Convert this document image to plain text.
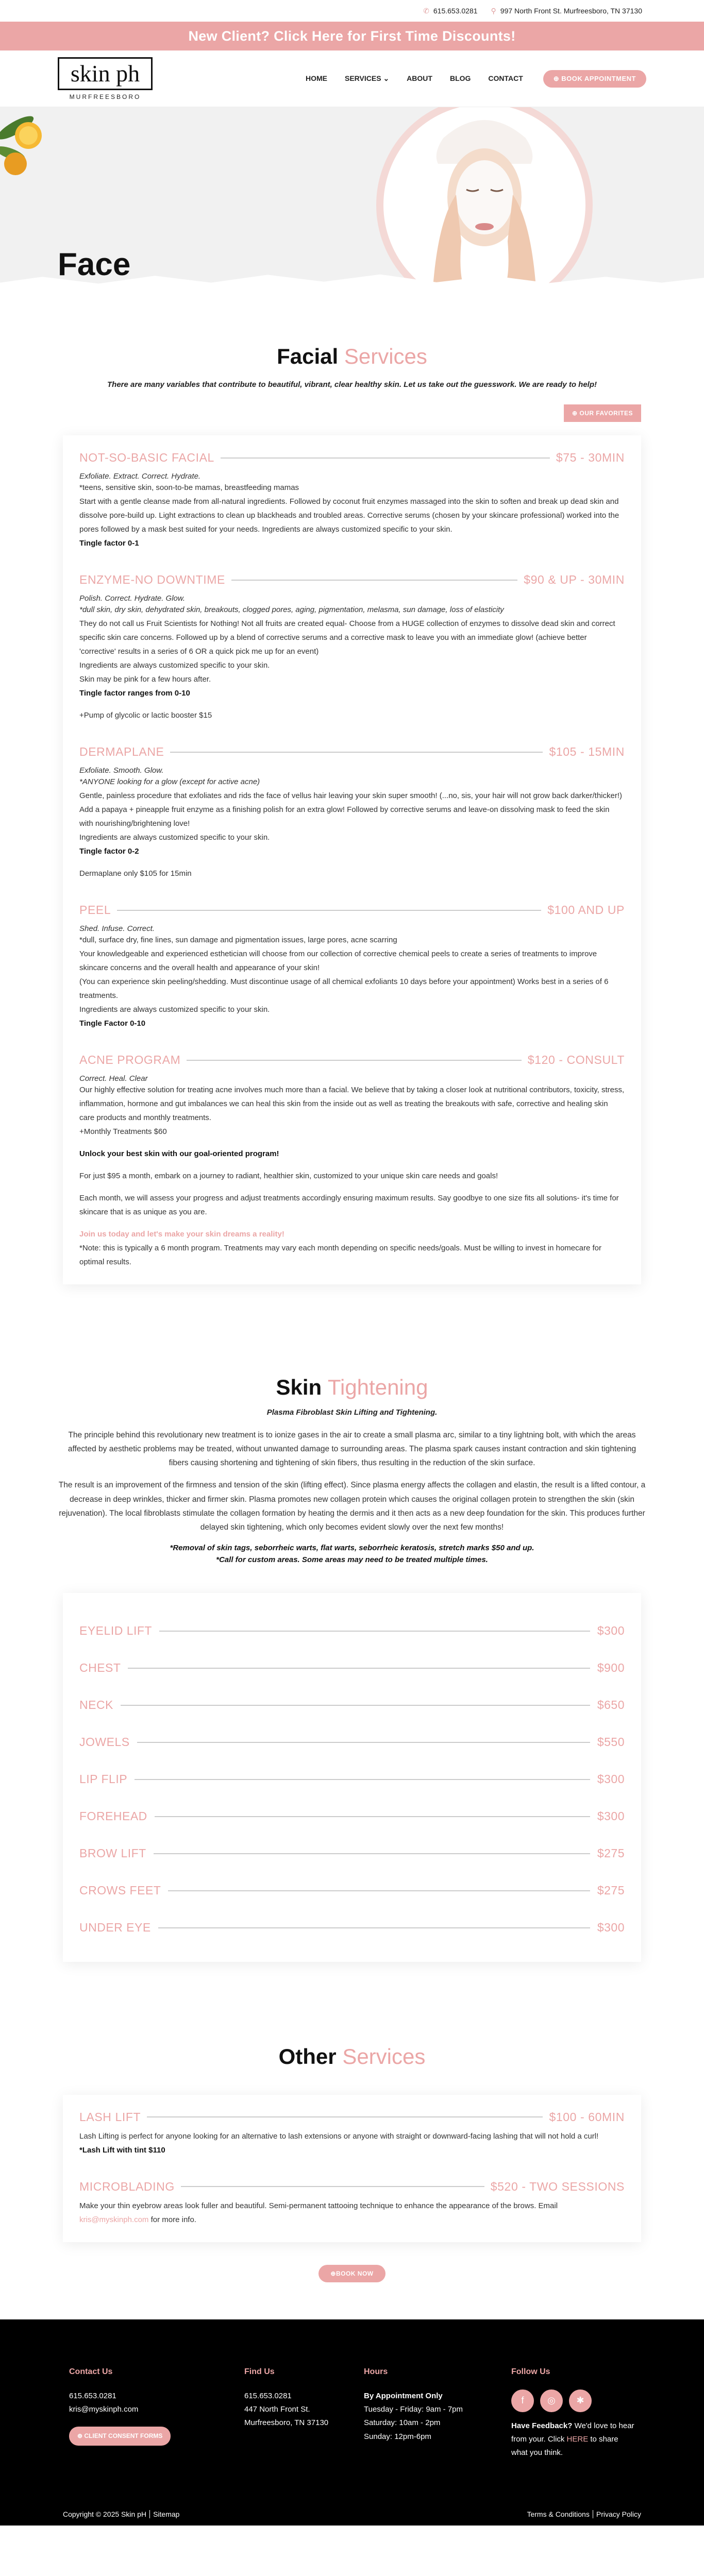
✆ 615.653.0281 ⚲ 997 North Front St. Murfreesboro, TN 37130
New Client? Click Here for First Time Discounts!
skin ph
MURFREESBORO
HOME SERVICES ⌄ ABOUT BLOG CONTACT	⊕ BOOK APPOINTMENT
Face
Facial Services
There are many variables that contribute to beautiful, vibrant, clear healthy skin. Let us take out the guesswork. We are ready to help!
⊕ OUR FAVORITES
NOT-SO-BASIC FACIAL	$75 - 30MIN
Exfoliate. Extract. Correct. Hydrate.

*teens, sensitive skin, soon-to-be mamas, breastfeeding mamas

Start with a gentle cleanse made from all-natural ingredients. Followed by coconut fruit enzymes massaged into the skin to soften and break up dead skin and dissolve pore-build up. Light extractions to clean up blackheads and troubled areas. Corrective serums (chosen by your skincare professional) worked into the pores followed by a mask best suited for your needs. Ingredients are always customized specific to your skin.

Tingle factor 0-1

ENZYME-NO DOWNTIME	$90 & UP - 30MIN
Polish. Correct. Hydrate. Glow.

*dull skin, dry skin, dehydrated skin, breakouts, clogged pores, aging, pigmentation, melasma, sun damage, loss of elasticity

They do not call us Fruit Scientists for Nothing! Not all fruits are created equal- Choose from a HUGE collection of enzymes to dissolve dead skin and correct specific skin care concerns. Followed up by a blend of corrective serums and a corrective mask to leave you with an immediate glow! (achieve better 'corrective' results in a series of 6 OR a quick pick me up for an event)

Ingredients are always customized specific to your skin.

Skin may be pink for a few hours after.

Tingle factor ranges from 0-10

+Pump of glycolic or lactic booster $15

DERMAPLANE	$105 - 15MIN
Exfoliate. Smooth. Glow.

*ANYONE looking for a glow (except for active acne)

Gentle, painless procedure that exfoliates and rids the face of vellus hair leaving your skin super smooth! (...no, sis, your hair will not grow back darker/thicker!) Add a papaya + pineapple fruit enzyme as a finishing polish for an extra glow! Followed by corrective serums and leave-on dissolving mask to feed the skin with nourishing/brightening love!

Ingredients are always customized specific to your skin.

Tingle factor 0-2

Dermaplane only $105 for 15min

PEEL	$100 AND UP
Shed. Infuse. Correct.

*dull, surface dry, fine lines, sun damage and pigmentation issues, large pores, acne scarring

Your knowledgeable and experienced esthetician will choose from our collection of corrective chemical peels to create a series of treatments to improve skincare concerns and the overall health and appearance of your skin!

(You can experience skin peeling/shedding. Must discontinue usage of all chemical exfoliants 10 days before your appointment) Works best in a series of 6 treatments.

Ingredients are always customized specific to your skin.

Tingle Factor 0-10

ACNE PROGRAM	$120 - CONSULT
Correct. Heal. Clear

Our highly effective solution for treating acne involves much more than a facial. We believe that by taking a closer look at nutritional contributors, toxicity, stress, inflammation, hormone and gut imbalances we can heal this skin from the inside out as well as treating the breakouts with safe, corrective and healing skin care products and monthly treatments.

+Monthly Treatments $60

Unlock your best skin with our goal-oriented program!

For just $95 a month, embark on a journey to radiant, healthier skin, customized to your unique skin care needs and goals!

Each month, we will assess your progress and adjust treatments accordingly ensuring maximum results. Say goodbye to one size fits all solutions- it's time for skincare that is as unique as you are.

Join us today and let's make your skin dreams a reality!

*Note: this is typically a 6 month program. Treatments may vary each month depending on specific needs/goals. Must be willing to invest in homecare for optimal results.

Skin Tightening
Plasma Fibroblast Skin Lifting and Tightening.

The principle behind this revolutionary new treatment is to ionize gases in the air to create a small plasma arc, similar to a tiny lightning bolt, with which the areas affected by aesthetic problems may be treated, without unwanted damage to surrounding areas. The plasma spark causes instant contraction and skin tightening fibers causing shortening and tightening of skin fibers, thus resulting in the reduction of the skin surface.

The result is an improvement of the firmness and tension of the skin (lifting effect). Since plasma energy affects the collagen and elastin, the result is a lifted contour, a decrease in deep wrinkles, thicker and firmer skin. Plasma promotes new collagen protein which causes the original collagen protein to strengthen the skin (skin rejuvenation). The local fibroblasts stimulate the collagen formation by heating the dermis and it then acts as a new deep foundation for the skin. This produces further delayed skin tightening, which only becomes evident slowly over the next few months!

*Removal of skin tags, seborrheic warts, flat warts, seborrheic keratosis, stretch marks $50 and up.
*Call for custom areas. Some areas may need to be treated multiple times.
EYELID LIFT	$300
CHEST	$900
NECK	$650
JOWELS	$550
LIP FLIP	$300
FOREHEAD	$300
BROW LIFT	$275
CROWS FEET	$275
UNDER EYE	$300
Other Services
LASH LIFT	$100 - 60MIN

Lash Lifting is perfect for anyone looking for an alternative to lash extensions or anyone with straight or downward-facing lashing that will not hold a curl!

*Lash Lift with tint $110

MICROBLADING	$520 - TWO SESSIONS

Make your thin eyebrow areas look fuller and beautiful. Semi-permanent tattooing technique to enhance the appearance of the brows. Email
kris@myskinph.com for more info.

⊕ BOOK NOW
Contact Us
615.653.0281
kris@myskinph.com
⊕ CLIENT CONSENT FORMS
Find Us
615.653.0281
447 North Front St.
Murfreesboro, TN 37130
Hours
By Appointment Only
Tuesday - Friday: 9am - 7pm
Saturday: 10am - 2pm
Sunday: 12pm-6pm
Follow Us
f	◎	✱
Have Feedback? We'd love to hear from your. Click HERE to share what you think.
Copyright © 2025 Skin pH Sitemap	Terms & Conditions Privacy Policy
